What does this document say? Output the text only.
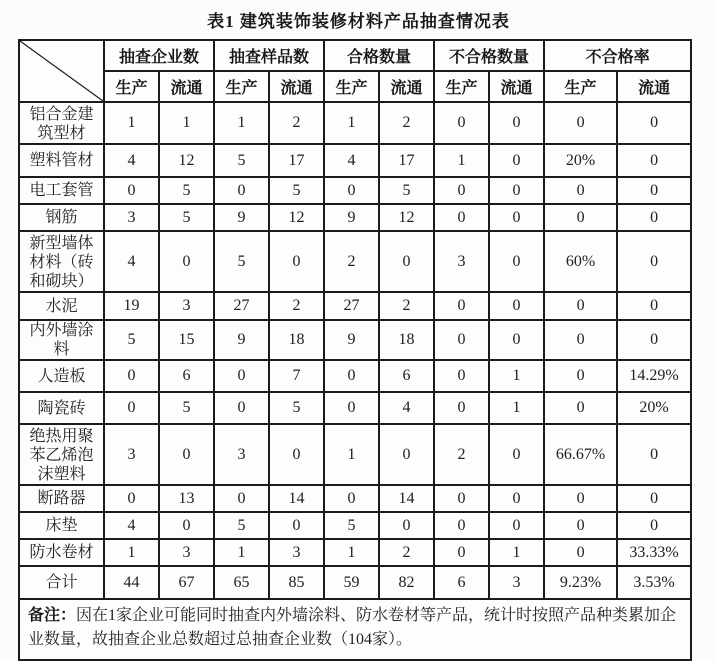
表1 建筑装饰装修材料产品抽查情况表
	抽查企业数		抽查样品数		合格数量		不合格数量		不合格率	
	生产	流通	生产	流通	生产	流通	生产	流通	生产	流通
铝合金建筑型材	1	1	1	2	1	2	0	0	0	0
塑料管材	4	12	5	17	4	17	1	0	20%	0
电工套管	0	5	0	5	0	5	0	0	0	0
钢筋	3	5	9	12	9	12	0	0	0	0
新型墙体材料（砖和砌块）	4	0	5	0	2	0	3	0	60%	0
水泥	19	3	27	2	27	2	0	0	0	0
内外墙涂料	5	15	9	18	9	18	0	0	0	0
人造板	0	6	0	7	0	6	0	1	0	14.29%
陶瓷砖	0	5	0	5	0	4	0	1	0	20%
绝热用聚苯乙烯泡沫塑料	3	0	3	0	1	0	2	0	66.67%	0
断路器	0	13	0	14	0	14	0	0	0	0
床垫	4	0	5	0	5	0	0	0	0	0
防水卷材	1	3	1	3	1	2	0	1	0	33.33%
合计	44	67	65	85	59	82	6	3	9.23%	3.53%
备注：因在1家企业可能同时抽查内外墙涂料、防水卷材等产品，统计时按照产品种类累加企业数量，故抽查企业总数超过总抽查企业数（104家）。										
